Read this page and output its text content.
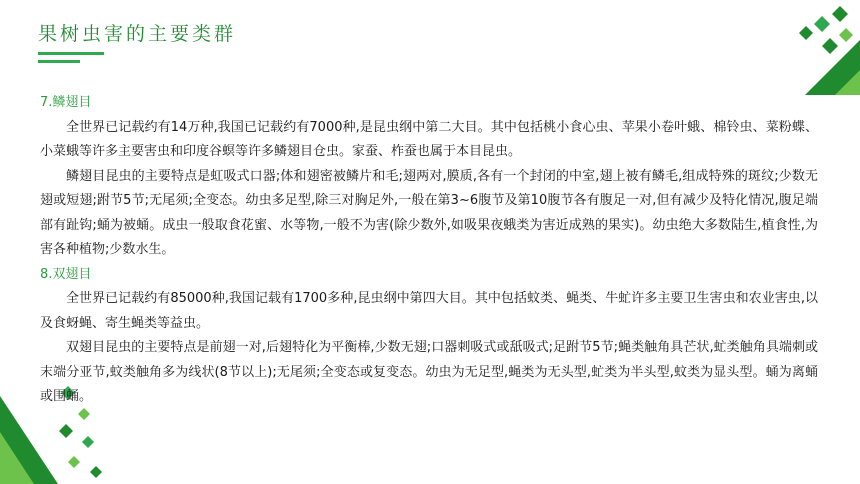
果树虫害的主要类群

7.鳞翅目

全世界已记载约有14万种,我国已记载约有7000种,是昆虫纲中第二大目。其中包括桃小食心虫、苹果小卷叶蛾、棉铃虫、菜粉蝶、小菜蛾等许多主要害虫和印度谷螟等许多鳞翅目仓虫。家蚕、柞蚕也属于本目昆虫。

鳞翅目昆虫的主要特点是虹吸式口器;体和翅密被鳞片和毛;翅两对,膜质,各有一个封闭的中室,翅上被有鳞毛,组成特殊的斑纹;少数无翅或短翅;跗节5节;无尾须;全变态。幼虫多足型,除三对胸足外,一般在第3~6腹节及第10腹节各有腹足一对,但有减少及特化情况,腹足端部有趾钩;蛹为被蛹。成虫一般取食花蜜、水等物,一般不为害(除少数外,如吸果夜蛾类为害近成熟的果实)。幼虫绝大多数陆生,植食性,为害各种植物;少数水生。

8.双翅目

全世界已记载约有85000种,我国记载有1700多种,昆虫纲中第四大目。其中包括蚊类、蝇类、牛虻许多主要卫生害虫和农业害虫,以及食蚜蝇、寄生蝇类等益虫。

双翅目昆虫的主要特点是前翅一对,后翅特化为平衡棒,少数无翅;口器刺吸式或舐吸式;足跗节5节;蝇类触角具芒状,虻类触角具端刺或末端分亚节,蚊类触角多为线状(8节以上);无尾须;全变态或复变态。幼虫为无足型,蝇类为无头型,虻类为半头型,蚊类为显头型。蛹为离蛹或围蛹。
